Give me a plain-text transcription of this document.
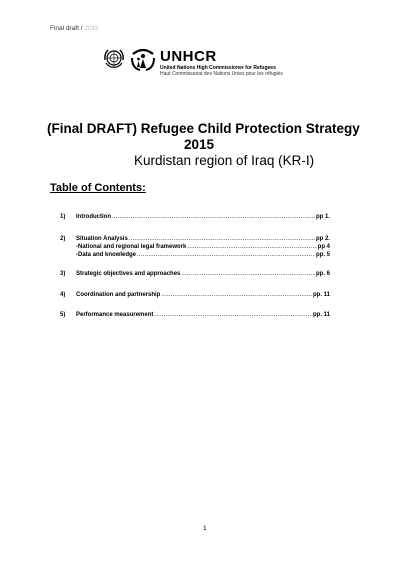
Final draft / 2015
UNHCR
United Nations High Commissioner for Refugees
Haut Commissariat des Nations Unies pour les réfugiés
(Final DRAFT) Refugee Child Protection Strategy
2015
Kurdistan region of Iraq (KR-I)
Table of Contents:
1)	Introduction .....	pp 1.
2)	Situation Analysis .....	pp 2.
-National and regional legal framework .....	pp 4
-Data and knowledge .....	pp. 5
3)	Strategic objectives and approaches .....	pp. 6
4)	Coordination and partnership .....	pp. 11
5)	Performance measurement .....	pp. 11
1
